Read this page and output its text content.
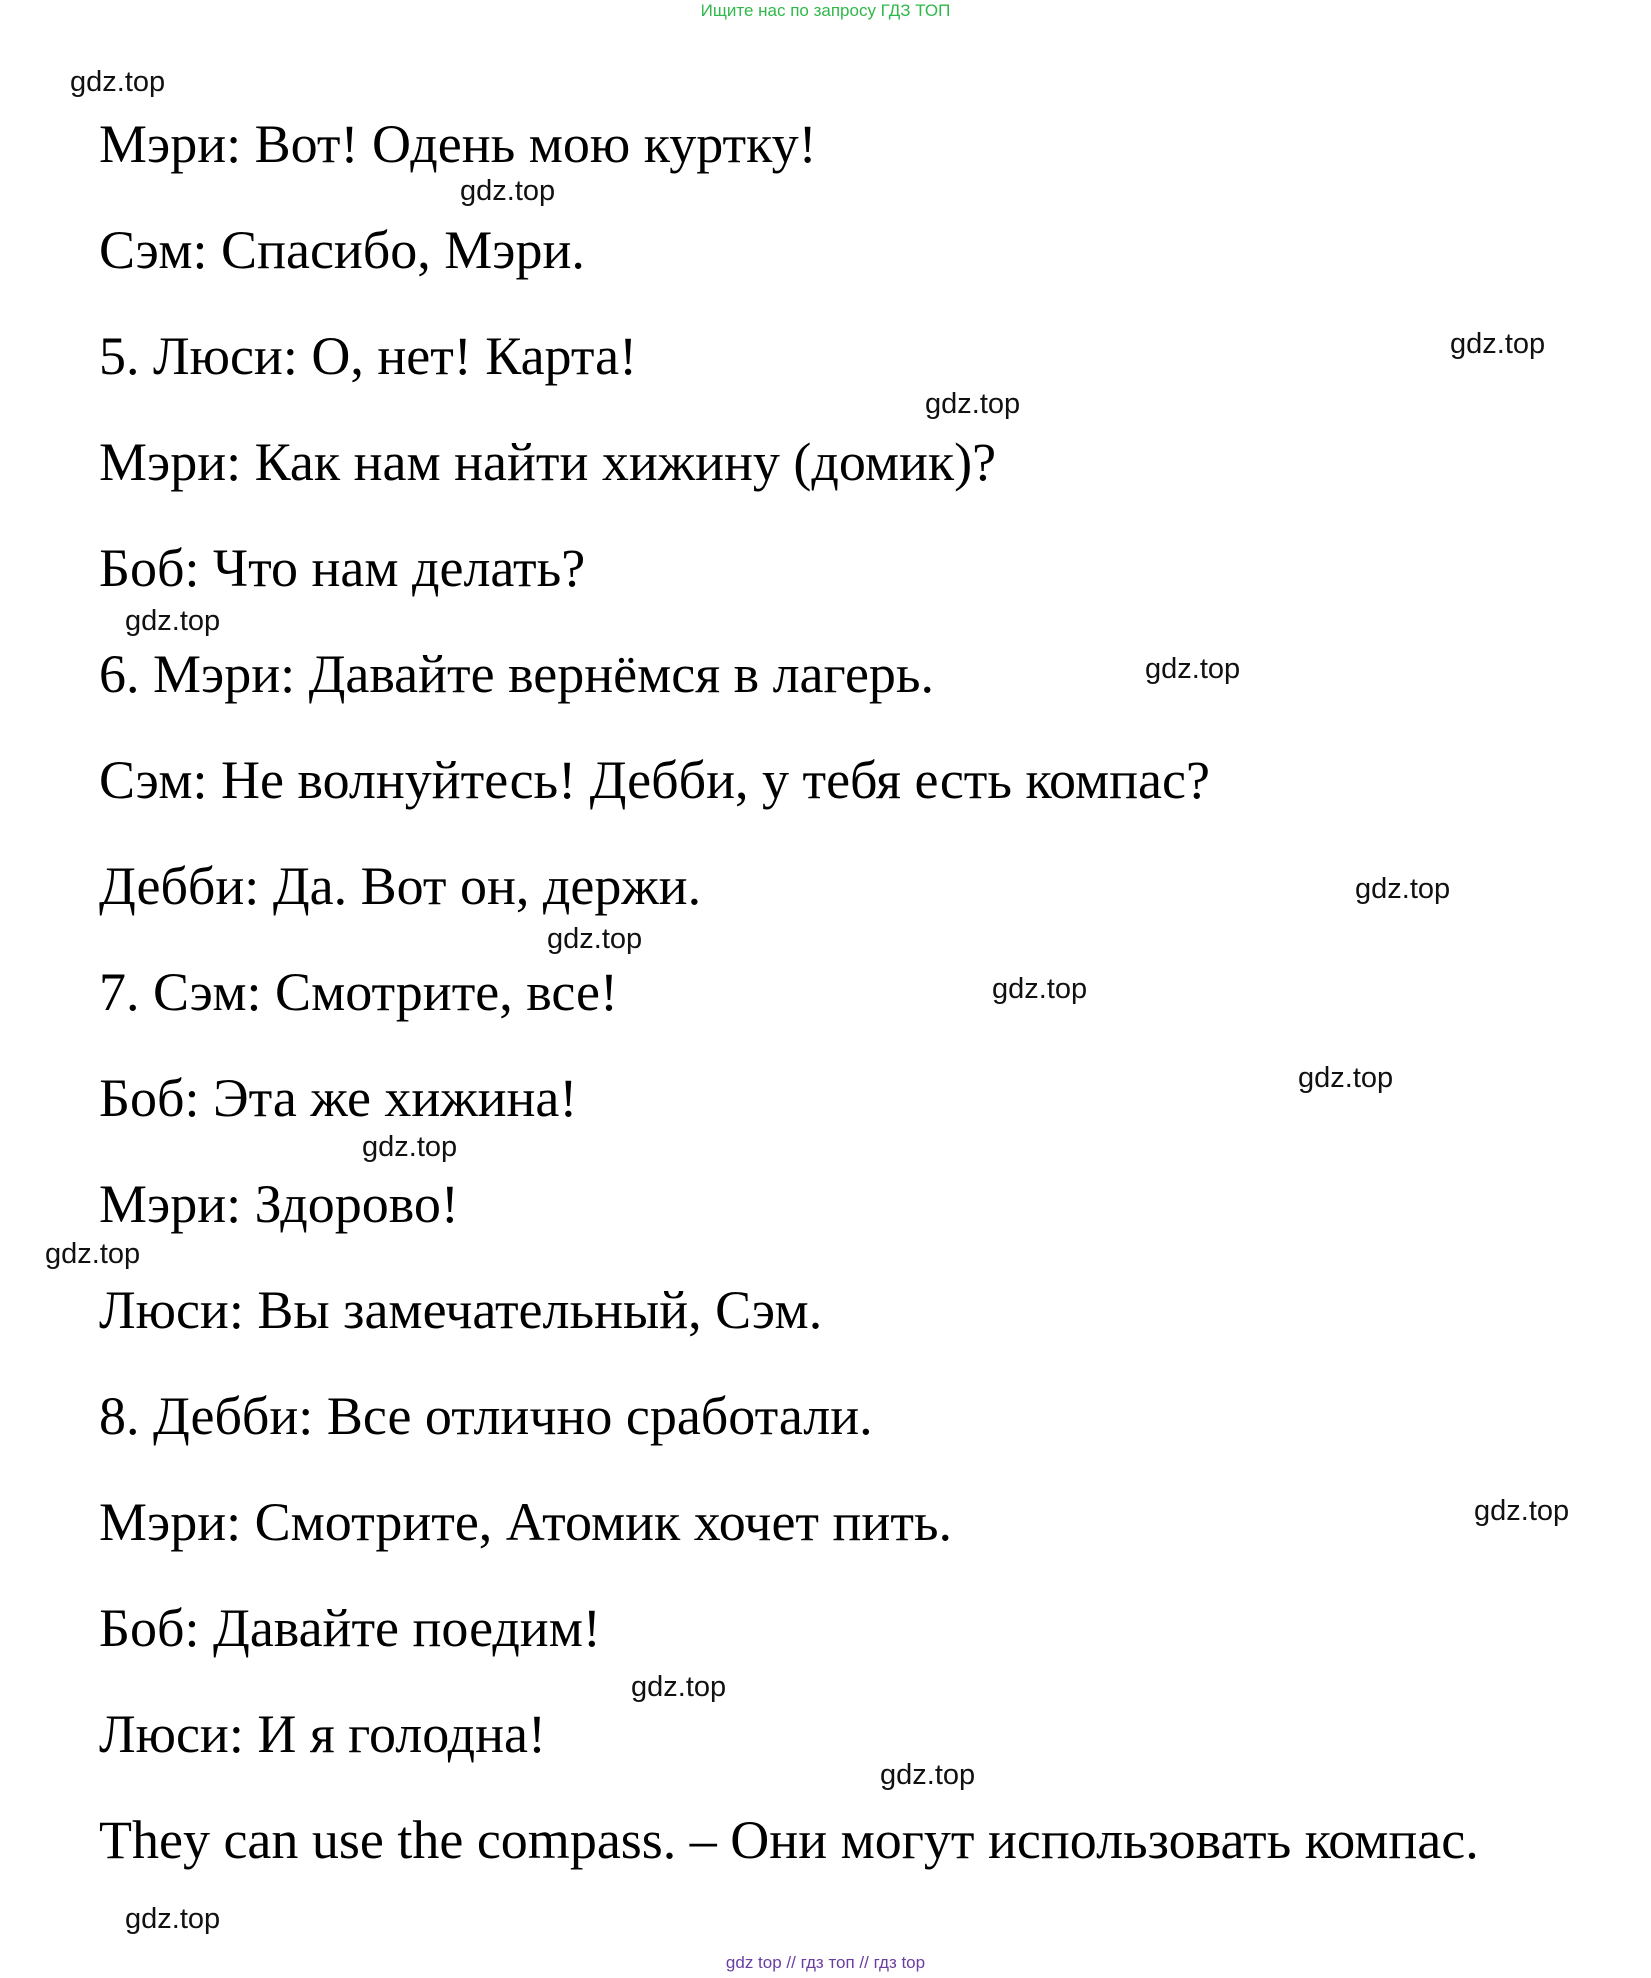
Ищите нас по запросу ГДЗ ТОП

Мэри: Вот! Одень мою куртку!

Сэм: Спасибо, Мэри.

5. Люси: О, нет! Карта!

Мэри: Как нам найти хижину (домик)?

Боб: Что нам делать?

6. Мэри: Давайте вернёмся в лагерь.

Сэм: Не волнуйтесь! Дебби, у тебя есть компас?

Дебби: Да. Вот он, держи.

7. Сэм: Смотрите, все!

Боб: Эта же хижина!

Мэри: Здорово!

Люси: Вы замечательный, Сэм.

8. Дебби: Все отлично сработали.

Мэри: Смотрите, Атомик хочет пить.

Боб: Давайте поедим!

Люси: И я голодна!

They can use the compass. – Они могут использовать компас.

gdz.top
gdz.top
gdz.top
gdz.top
gdz.top
gdz.top
gdz.top
gdz.top
gdz.top
gdz.top
gdz.top
gdz.top
gdz.top
gdz.top
gdz.top
gdz.top
gdz top // гдз топ // гдз top
